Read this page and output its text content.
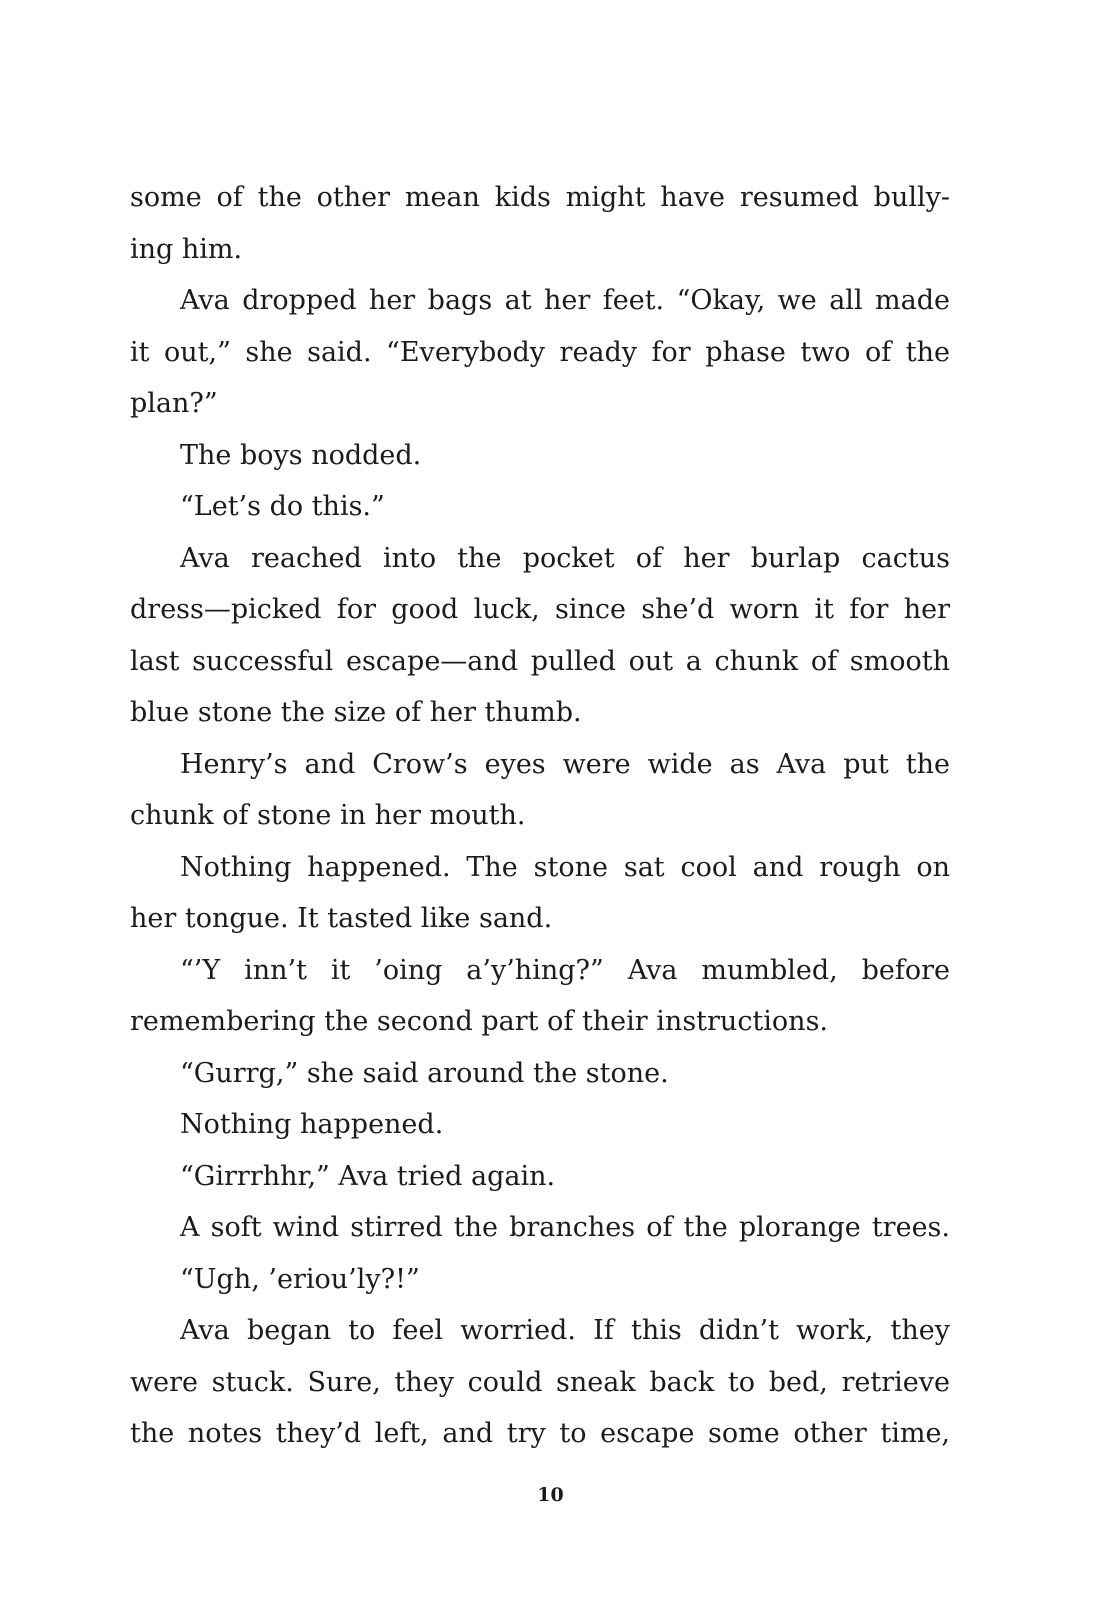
some of the other mean kids might have resumed bully-
ing him.
Ava dropped her bags at her feet. “Okay, we all made
it out,” she said. “Everybody ready for phase two of the
plan?”
The boys nodded.
“Let’s do this.”
Ava reached into the pocket of her burlap cactus
dress—picked for good luck, since she’d worn it for her
last successful escape—and pulled out a chunk of smooth
blue stone the size of her thumb.
Henry’s and Crow’s eyes were wide as Ava put the
chunk of stone in her mouth.
Nothing happened. The stone sat cool and rough on
her tongue. It tasted like sand.
“’Y inn’t it ’oing a’y’hing?” Ava mumbled, before
remembering the second part of their instructions.
“Gurrg,” she said around the stone.
Nothing happened.
“Girrrhhr,” Ava tried again.
A soft wind stirred the branches of the plorange trees.
“Ugh, ’eriou’ly?!”
Ava began to feel worried. If this didn’t work, they
were stuck. Sure, they could sneak back to bed, retrieve
the notes they’d left, and try to escape some other time,
10
